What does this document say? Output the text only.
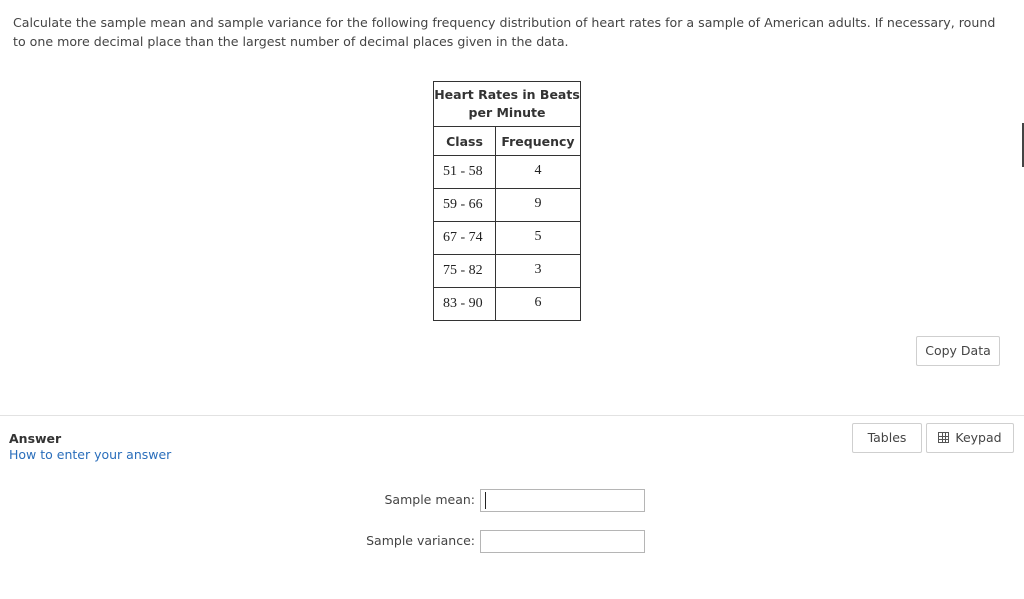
Calculate the sample mean and sample variance for the following frequency distribution of heart rates for a sample of American adults. If necessary, round to one more decimal place than the largest number of decimal places given in the data.
Heart Rates in Beats per Minute	
Class	Frequency
51 - 58	4
59 - 66	9
67 - 74	5
75 - 82	3
83 - 90	6
Copy Data
Answer
How to enter your answer
Tables	Keypad
Sample mean:
Sample variance:
